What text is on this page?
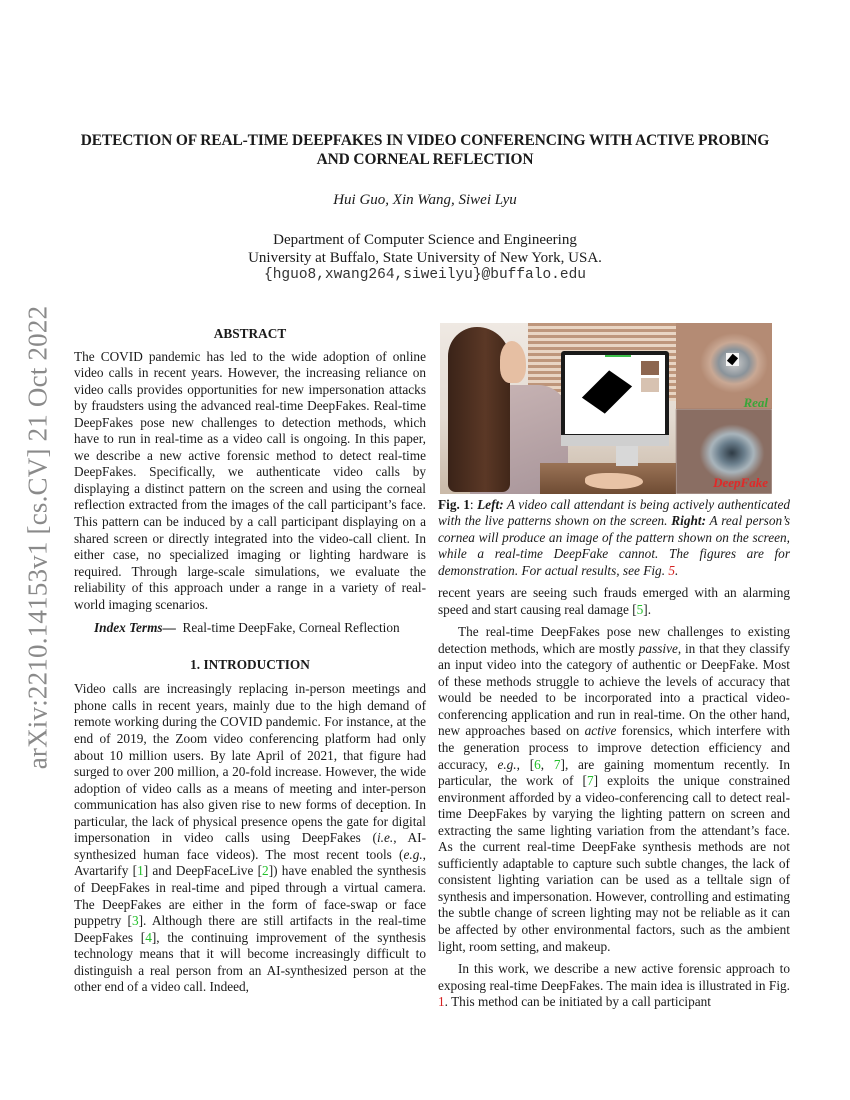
arXiv:2210.14153v1 [cs.CV] 21 Oct 2022
DETECTION OF REAL-TIME DEEPFAKES IN VIDEO CONFERENCING WITH ACTIVE PROBING AND CORNEAL REFLECTION
Hui Guo, Xin Wang, Siwei Lyu
Department of Computer Science and Engineering
University at Buffalo, State University of New York, USA.
{hguo8,xwang264,siweilyu}@buffalo.edu
ABSTRACT

The COVID pandemic has led to the wide adoption of online video calls in recent years. However, the increasing reliance on video calls provides opportunities for new impersonation attacks by fraudsters using the advanced real-time DeepFakes. Real-time DeepFakes pose new challenges to detection methods, which have to run in real-time as a video call is ongoing. In this paper, we describe a new active forensic method to detect real-time DeepFakes. Specifically, we authenticate video calls by displaying a distinct pattern on the screen and using the corneal reflection extracted from the images of the call participant’s face. This pattern can be induced by a call participant displaying on a shared screen or directly integrated into the video-call client. In either case, no specialized imaging or lighting hardware is required. Through large-scale simulations, we evaluate the reliability of this approach under a range in a variety of real-world imaging scenarios.

Index Terms— Real-time DeepFake, Corneal Reflection

1. INTRODUCTION

Video calls are increasingly replacing in-person meetings and phone calls in recent years, mainly due to the high demand of remote working during the COVID pandemic. For instance, at the end of 2019, the Zoom video conferencing platform had only about 10 million users. By late April of 2021, that figure had surged to over 200 million, a 20-fold increase. However, the wide adoption of video calls as a means of meeting and inter-person communication has also given rise to new forms of deception. In particular, the lack of physical presence opens the gate for digital impersonation in video calls using DeepFakes (i.e., AI-synthesized human face videos). The most recent tools (e.g., Avartarify [1] and DeepFaceLive [2]) have enabled the synthesis of DeepFakes in real-time and piped through a virtual camera. The DeepFakes are either in the form of face-swap or face puppetry [3]. Although there are still artifacts in the real-time DeepFakes [4], the continuing improvement of the synthesis technology means that it will become increasingly difficult to distinguish a real person from an AI-synthesized person at the other end of a video call. Indeed,

Real
DeepFake

Fig. 1: Left: A video call attendant is being actively authenticated with the live patterns shown on the screen. Right: A real person’s cornea will produce an image of the pattern shown on the screen, while a real-time DeepFake cannot. The figures are for demonstration. For actual results, see Fig. 5.

recent years are seeing such frauds emerged with an alarming speed and start causing real damage [5].

The real-time DeepFakes pose new challenges to existing detection methods, which are mostly passive, in that they classify an input video into the category of authentic or DeepFake. Most of these methods struggle to achieve the levels of accuracy that would be needed to be incorporated into a practical video-conferencing application and run in real-time. On the other hand, new approaches based on active forensics, which interfere with the generation process to improve detection efficiency and accuracy, e.g., [6, 7], are gaining momentum recently. In particular, the work of [7] exploits the unique constrained environment afforded by a video-conferencing call to detect real-time DeepFakes by varying the lighting pattern on screen and extracting the same lighting variation from the attendant’s face. As the current real-time DeepFake synthesis methods are not sufficiently adaptable to capture such subtle changes, the lack of consistent lighting variation can be used as a telltale sign of synthesis and impersonation. However, controlling and estimating the subtle change of screen lighting may not be reliable as it can be affected by other environmental factors, such as the ambient light, room setting, and makeup.

In this work, we describe a new active forensic approach to exposing real-time DeepFakes. The main idea is illustrated in Fig. 1. This method can be initiated by a call participant
